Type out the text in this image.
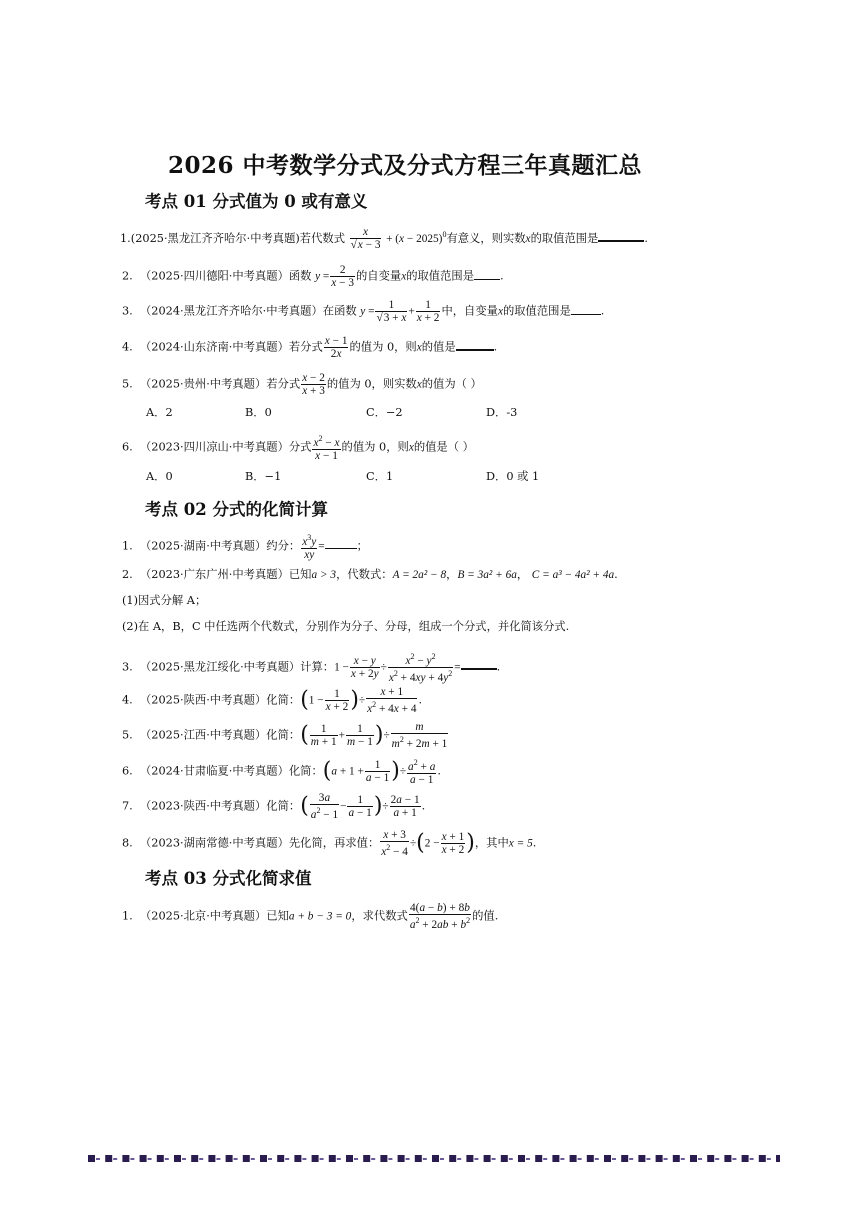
2026 中考数学分式及分式方程三年真题汇总
考点 01 分式值为 0 或有意义
1.(2025·黑龙江齐齐哈尔·中考真题)若代数式 $\frac{x}{√x - 3} + (x - 2025)^0$有意义，则实数x的取值范围是	.
2. （2025·四川德阳·中考真题）函数 $y = \frac{2}{x - 3}$ 的自变量x的取值范围是 .
3. （2024·黑龙江齐齐哈尔·中考真题）在函数 $y = \frac{1}{√3 + x} + \frac{1}{x + 2}$ 中，自变量x的取值范围是	.
4. （2024·山东济南·中考真题）若分式 $\frac{x - 1}{2x}$ 的值为 0，则x的值是	.
5. （2025·贵州·中考真题）若分式 $\frac{x - 2}{x + 3}$ 的值为 0，则实数x的值为（ ）
A．2	B．0	C．−2	D．-3
6. （2023·四川凉山·中考真题）分式 $\frac{x^2 - x}{x - 1}$ 的值为 0，则x的值是（ ）
A．0	B．−1	C．1	D．0 或 1
考点 02 分式的化简计算
1. （2025·湖南·中考真题）约分： $\frac{x^3y}{xy}$ =	；
2. （2023·广东广州·中考真题）已知a > 3，代数式：A = 2a² − 8，B = 3a² + 6a， C = a³ − 4a² + 4a.
(1)因式分解 A；
(2)在 A，B，C 中任选两个代数式，分别作为分子、分母，组成一个分式，并化简该分式.
3. （2025·黑龙江绥化·中考真题）计算：$1 - \frac{x - y}{x + 2y} \div \frac{x^2 - y^2}{x^2 + 4xy + 4y^2}$ =	.
4. （2025·陕西·中考真题）化简：($1 - \frac{1}{x + 2}$ )÷ $\frac{x + 1}{x^2 + 4x + 4}$ .
5. （2025·江西·中考真题）化简：( $\frac{1}{m + 1} + \frac{1}{m - 1}$ )÷ $\frac{m}{m^2 + 2m + 1}$
6. （2024·甘肃临夏·中考真题）化简：($a + 1 + \frac{1}{a - 1}$ )÷ $\frac{a^2 + a}{a - 1}$ .
7. （2023·陕西·中考真题）化简：( $\frac{3a}{a^2 - 1} - \frac{1}{a - 1}$ )÷ $\frac{2a - 1}{a + 1}$ .
8. （2023·湖南常德·中考真题）先化简，再求值： $\frac{x + 3}{x^2 - 4} \div(2 - \frac{x + 1}{x + 2}$ )，其中x = 5.
考点 03 分式化简求值
1. （2025·北京·中考真题）已知a + b − 3 = 0，求代数式 $\frac{4(a - b) + 8b}{a^2 + 2ab + b^2}$ 的值.
